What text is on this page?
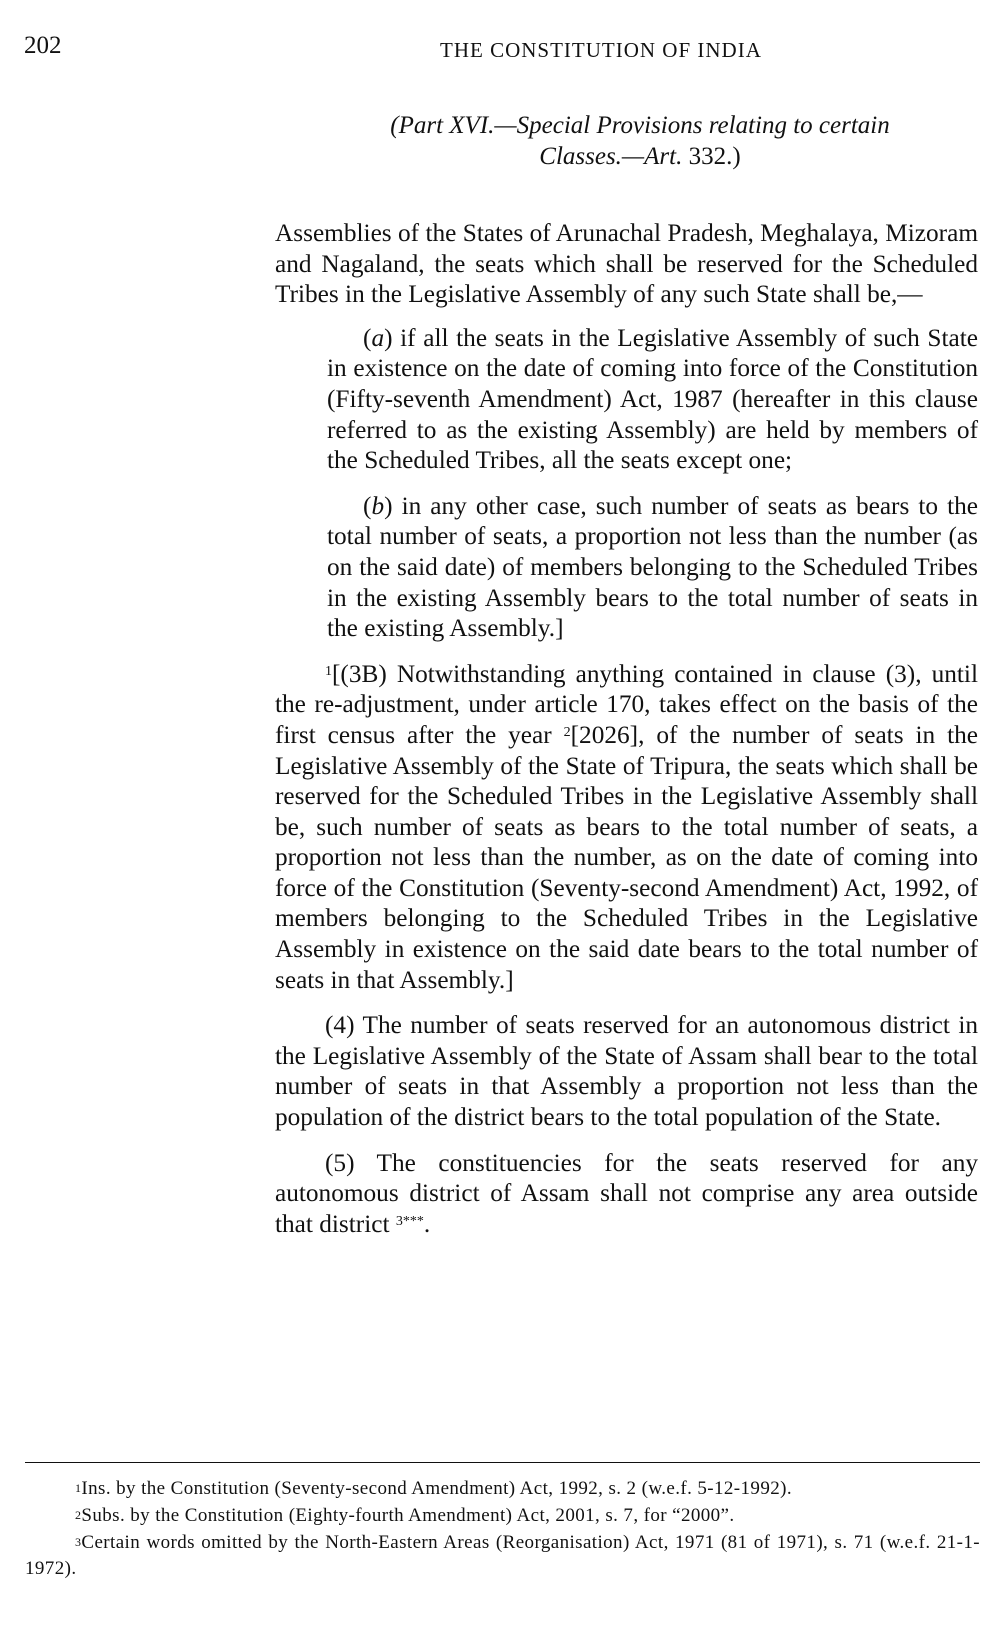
202	THE CONSTITUTION OF INDIA
(Part XVI.—Special Provisions relating to certain
Classes.—Art. 332.)

Assemblies of the States of Arunachal Pradesh, Meghalaya, Mizoram and Nagaland, the seats which shall be reserved for the Scheduled Tribes in the Legislative Assembly of any such State shall be,—

(a) if all the seats in the Legislative Assembly of such State in existence on the date of coming into force of the Constitution (Fifty-seventh Amendment) Act, 1987 (hereafter in this clause referred to as the existing Assembly) are held by members of the Scheduled Tribes, all the seats except one;

(b) in any other case, such number of seats as bears to the total number of seats, a proportion not less than the number (as on the said date) of members belonging to the Scheduled Tribes in the existing Assembly bears to the total number of seats in the existing Assembly.]

$^1$[(3B) Notwithstanding anything contained in clause (3), until the re-adjustment, under article 170, takes effect on the basis of the first census after the year $^2$[2026], of the number of seats in the Legislative Assembly of the State of Tripura, the seats which shall be reserved for the Scheduled Tribes in the Legislative Assembly shall be, such number of seats as bears to the total number of seats, a proportion not less than the number, as on the date of coming into force of the Constitution (Seventy-second Amendment) Act, 1992, of members belonging to the Scheduled Tribes in the Legislative Assembly in existence on the said date bears to the total number of seats in that Assembly.]

(4) The number of seats reserved for an autonomous district in the Legislative Assembly of the State of Assam shall bear to the total number of seats in that Assembly a proportion not less than the population of the district bears to the total population of the State.

(5) The constituencies for the seats reserved for any autonomous district of Assam shall not comprise any area outside that district $^{3***}$.

$^1$Ins. by the Constitution (Seventy-second Amendment) Act, 1992, s. 2 (w.e.f. 5-12-1992).

$^2$Subs. by the Constitution (Eighty-fourth Amendment) Act, 2001, s. 7, for “2000”.

$^3$Certain words omitted by the North-Eastern Areas (Reorganisation) Act, 1971 (81 of 1971), s. 71 (w.e.f. 21-1-1972).
